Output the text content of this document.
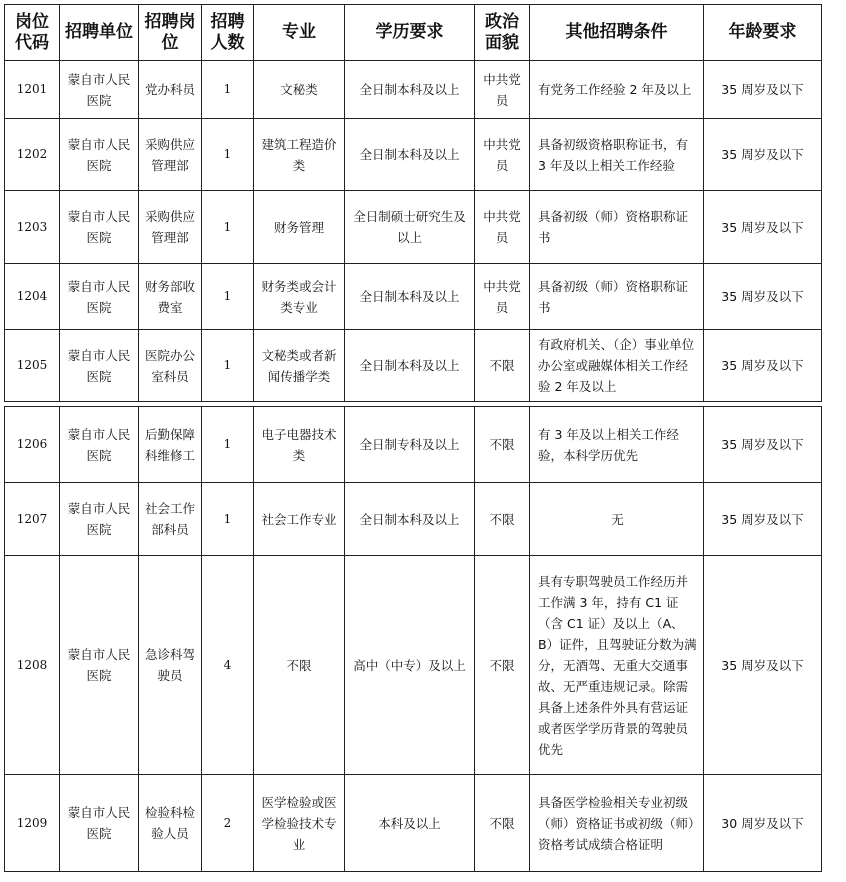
岗位代码	招聘单位	招聘岗位	招聘人数	专业	学历要求	政治面貌	其他招聘条件	年龄要求
1201	蒙自市人民医院	党办科员	1	文秘类	全日制本科及以上	中共党员	有党务工作经验 2 年及以上	35 周岁及以下
1202	蒙自市人民医院	采购供应管理部	1	建筑工程造价类	全日制本科及以上	中共党员	具备初级资格职称证书，有 3 年及以上相关工作经验	35 周岁及以下
1203	蒙自市人民医院	采购供应管理部	1	财务管理	全日制硕士研究生及以上	中共党员	具备初级（师）资格职称证书	35 周岁及以下
1204	蒙自市人民医院	财务部收费室	1	财务类或会计类专业	全日制本科及以上	中共党员	具备初级（师）资格职称证书	35 周岁及以下
1205	蒙自市人民医院	医院办公室科员	1	文秘类或者新闻传播学类	全日制本科及以上	不限	有政府机关、（企）事业单位办公室或融媒体相关工作经验 2 年及以上	35 周岁及以下
1206	蒙自市人民医院	后勤保障科维修工	1	电子电器技术类	全日制专科及以上	不限	有 3 年及以上相关工作经验，本科学历优先	35 周岁及以下
1207	蒙自市人民医院	社会工作部科员	1	社会工作专业	全日制本科及以上	不限	无	35 周岁及以下
1208	蒙自市人民医院	急诊科驾驶员	4	不限	高中（中专）及以上	不限	具有专职驾驶员工作经历并工作满 3 年，持有 C1 证（含 C1 证）及以上（A、B）证件，且驾驶证分数为满分，无酒驾、无重大交通事故、无严重违规记录。除需具备上述条件外具有营运证或者医学学历背景的驾驶员优先	35 周岁及以下
1209	蒙自市人民医院	检验科检验人员	2	医学检验或医学检验技术专业	本科及以上	不限	具备医学检验相关专业初级（师）资格证书或初级（师）资格考试成绩合格证明	30 周岁及以下
